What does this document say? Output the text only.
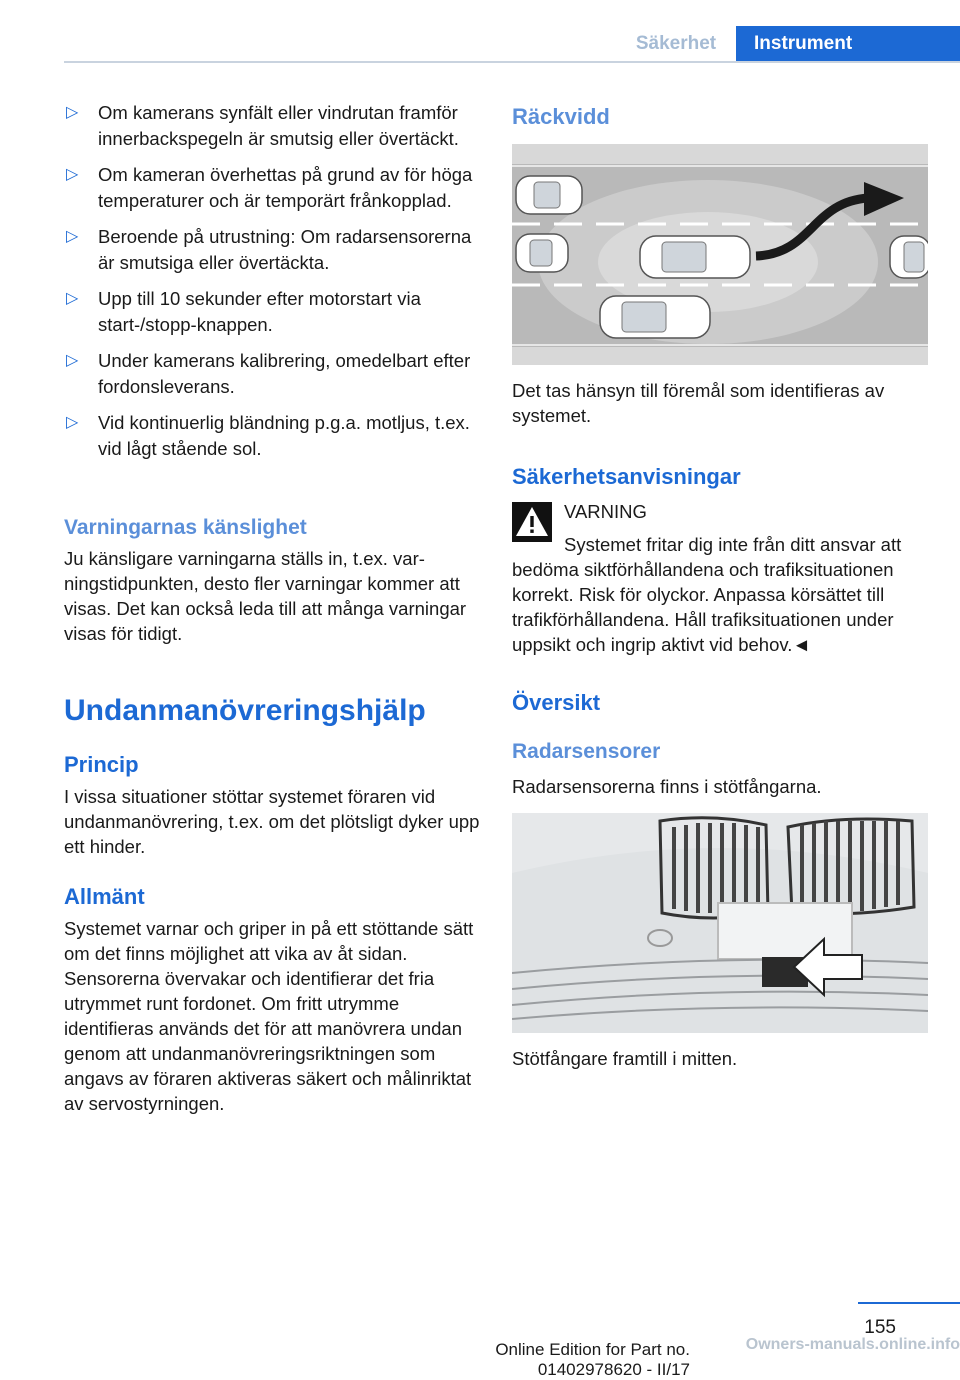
Säkerhet	Instrument
▷ Om kamerans synfält eller vindrutan framför innerbackspegeln är smutsig eller övertäckt.
▷ Om kameran överhettas på grund av för höga temperaturer och är temporärt frånkopplad.
▷ Beroende på utrustning: Om radarsensorerna är smutsiga eller övertäckta.
▷ Upp till 10 sekunder efter motorstart via start-/stopp-knappen.
▷ Under kamerans kalibrering, omedelbart efter fordonsleverans.
▷ Vid kontinuerlig bländning p.g.a. motljus, t.ex. vid lågt stående sol.
Varningarnas känslighet
Ju känsligare varningarna ställs in, t.ex. varningstidpunkten, desto fler varningar kommer att visas. Det kan också leda till att många varningar visas för tidigt.
Undanmanövreringshjälp
Princip
I vissa situationer stöttar systemet föraren vid undanmanövrering, t.ex. om det plötsligt dyker upp ett hinder.
Allmänt
Systemet varnar och griper in på ett stöttande sätt om det finns möjlighet att vika av åt sidan. Sensorerna övervakar och identifierar det fria utrymmet runt fordonet. Om fritt utrymme identifieras används det för att manövrera undan genom att undanmanövreringsriktningen som angavs av föraren aktiveras säkert och målinriktat av servostyrningen.
Räckvidd
Det tas hänsyn till föremål som identifieras av systemet.
Säkerhetsanvisningar
VARNING
Systemet fritar dig inte från ditt ansvar att bedöma siktförhållandena och trafiksituationen korrekt. Risk för olyckor. Anpassa körsättet till trafikförhållandena. Håll trafiksituationen under uppsikt och ingrip aktivt vid behov.◄
Översikt
Radarsensorer
Radarsensorerna finns i stötfångarna.
Stötfångare framtill i mitten.
155
Online Edition for Part no. 01402978620 - II/17
Owners-manuals.online.info
